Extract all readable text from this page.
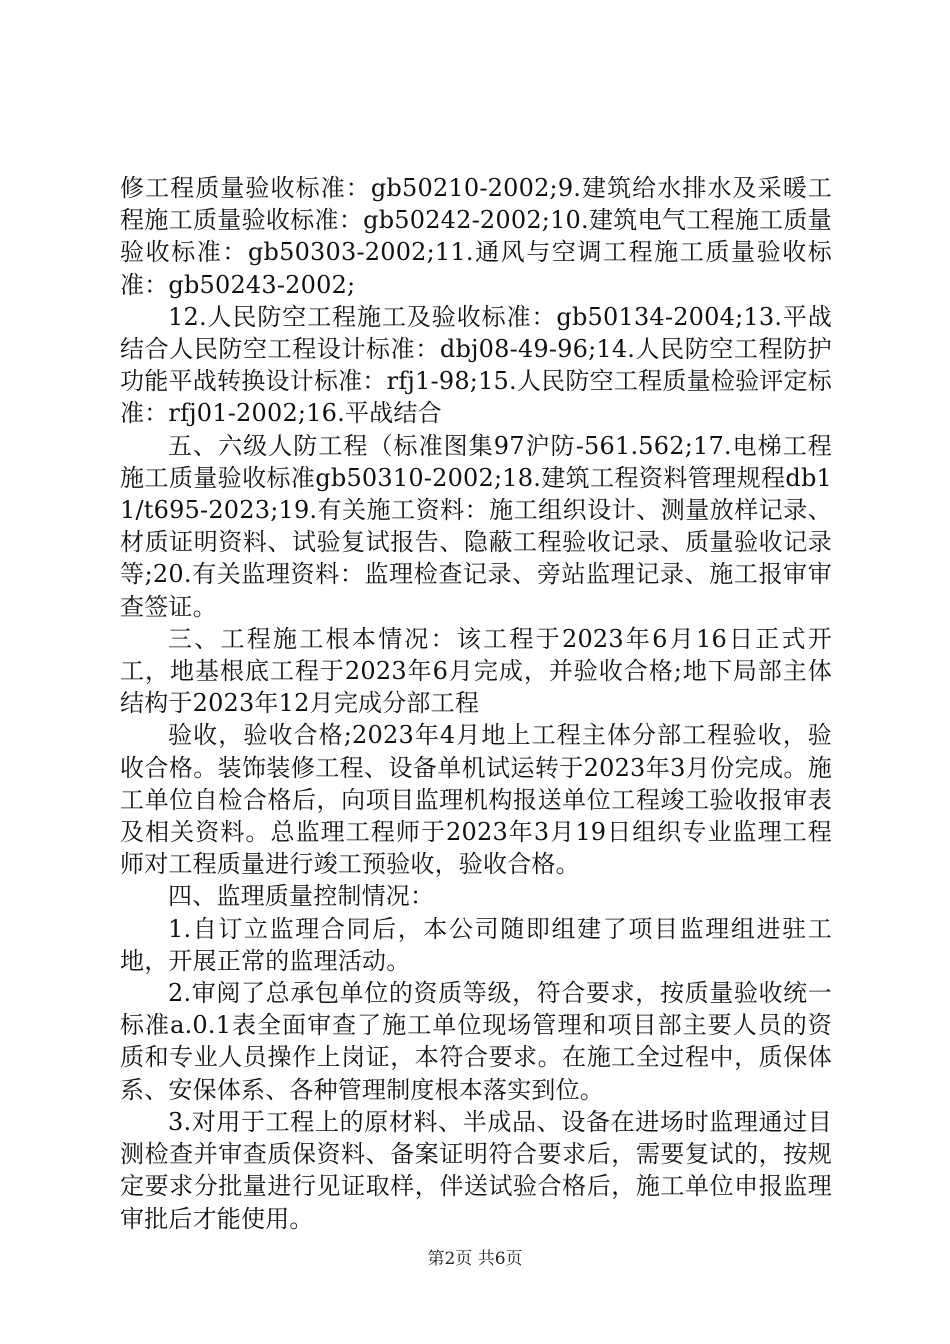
修工程质量验收标准：gb50210-2002;9.建筑给水排水及采暖工程施工质量验收标准：gb50242-2002;10.建筑电气工程施工质量验收标准：gb50303-2002;11.通风与空调工程施工质量验收标准：gb50243-2002;

12.人民防空工程施工及验收标准：gb50134-2004;13.平战结合人民防空工程设计标准：dbj08-49-96;14.人民防空工程防护功能平战转换设计标准：rfj1-98;15.人民防空工程质量检验评定标准：rfj01-2002;16.平战结合

五、六级人防工程（标准图集97沪防-561.562;17.电梯工程施工质量验收标准gb50310-2002;18.建筑工程资料管理规程db11/t695-2023;19.有关施工资料：施工组织设计、测量放样记录、材质证明资料、试验复试报告、隐蔽工程验收记录、质量验收记录等;20.有关监理资料：监理检查记录、旁站监理记录、施工报审审查签证。

三、工程施工根本情况：该工程于2023年6月16日正式开工，地基根底工程于2023年6月完成，并验收合格;地下局部主体结构于2023年12月完成分部工程

验收，验收合格;2023年4月地上工程主体分部工程验收，验收合格。装饰装修工程、设备单机试运转于2023年3月份完成。施工单位自检合格后，向项目监理机构报送单位工程竣工验收报审表及相关资料。总监理工程师于2023年3月19日组织专业监理工程师对工程质量进行竣工预验收，验收合格。

四、监理质量控制情况：

1.自订立监理合同后，本公司随即组建了项目监理组进驻工地，开展正常的监理活动。

2.审阅了总承包单位的资质等级，符合要求，按质量验收统一标准a.0.1表全面审查了施工单位现场管理和项目部主要人员的资质和专业人员操作上岗证，本符合要求。在施工全过程中，质保体系、安保体系、各种管理制度根本落实到位。

3.对用于工程上的原材料、半成品、设备在进场时监理通过目测检查并审查质保资料、备案证明符合要求后，需要复试的，按规定要求分批量进行见证取样，伴送试验合格后，施工单位申报监理审批后才能使用。

第2页 共6页
